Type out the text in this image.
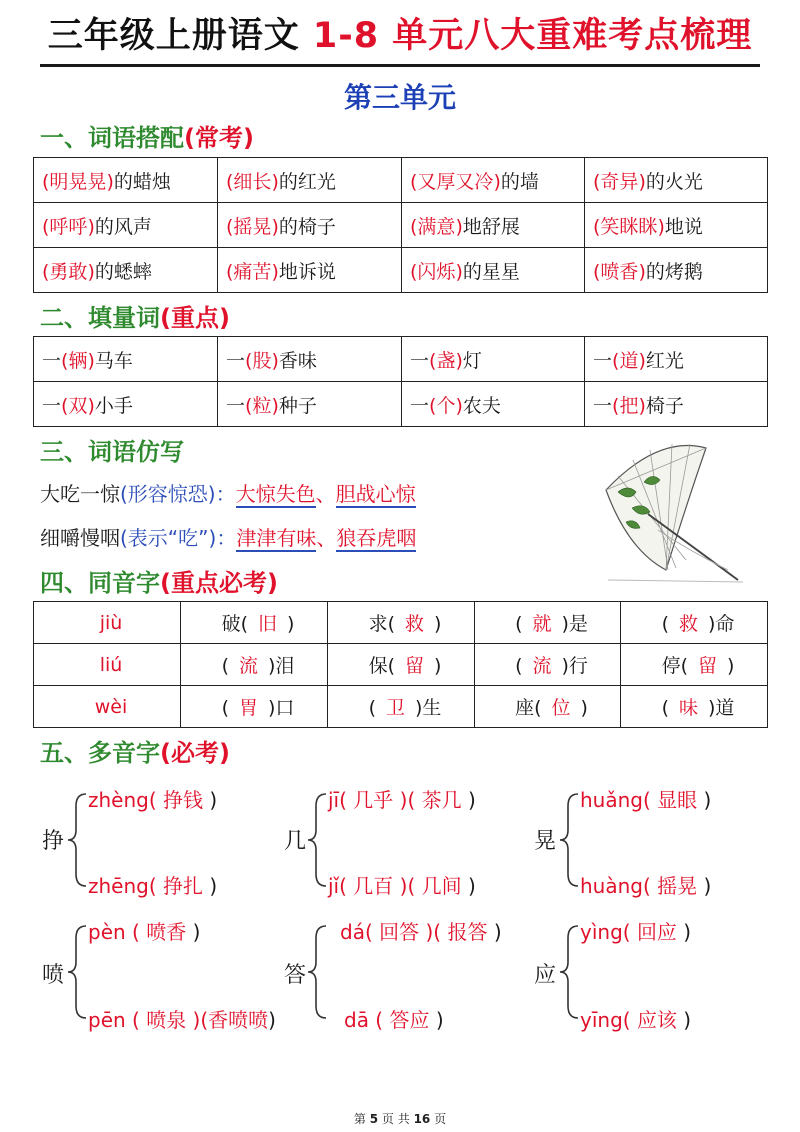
三年级上册语文 1-8 单元八大重难考点梳理
第三单元
一、词语搭配(常考)
(明晃晃)的蜡烛	(细长)的红光	(又厚又冷)的墙	(奇异)的火光
(呼呼)的风声	(摇晃)的椅子	(满意)地舒展	(笑眯眯)地说
(勇敢)的蟋蟀	(痛苦)地诉说	(闪烁)的星星	(喷香)的烤鹅
二、填量词(重点)
一(辆)马车	一(股)香味	一(盏)灯	一(道)红光
一(双)小手	一(粒)种子	一(个)农夫	一(把)椅子
三、词语仿写
大吃一惊(形容惊恐)：大惊失色、胆战心惊
细嚼慢咽(表示“吃”)：津津有味、狼吞虎咽
四、同音字(重点必考)
jiù	破( 旧 )	求( 救 )	( 就 )是	( 救 )命
liú	( 流 )泪	保( 留 )	( 流 )行	停( 留 )
wèi	( 胃 )口	( 卫 )生	座( 位 )	( 味 )道
五、多音字(必考)
挣
zhèng( 挣钱 )
zhēng( 挣扎 )
几
jī( 几乎 )( 茶几 )
jǐ( 几百 )( 几间 )
晃
huǎng( 显眼 )
huàng( 摇晃 )
喷
pèn ( 喷香 )
pēn ( 喷泉 )(香喷喷)
答
dá( 回答 )( 报答 )
dā ( 答应 )
应
yìng( 回应 )
yīng( 应该 )
第 5 页 共 16 页
